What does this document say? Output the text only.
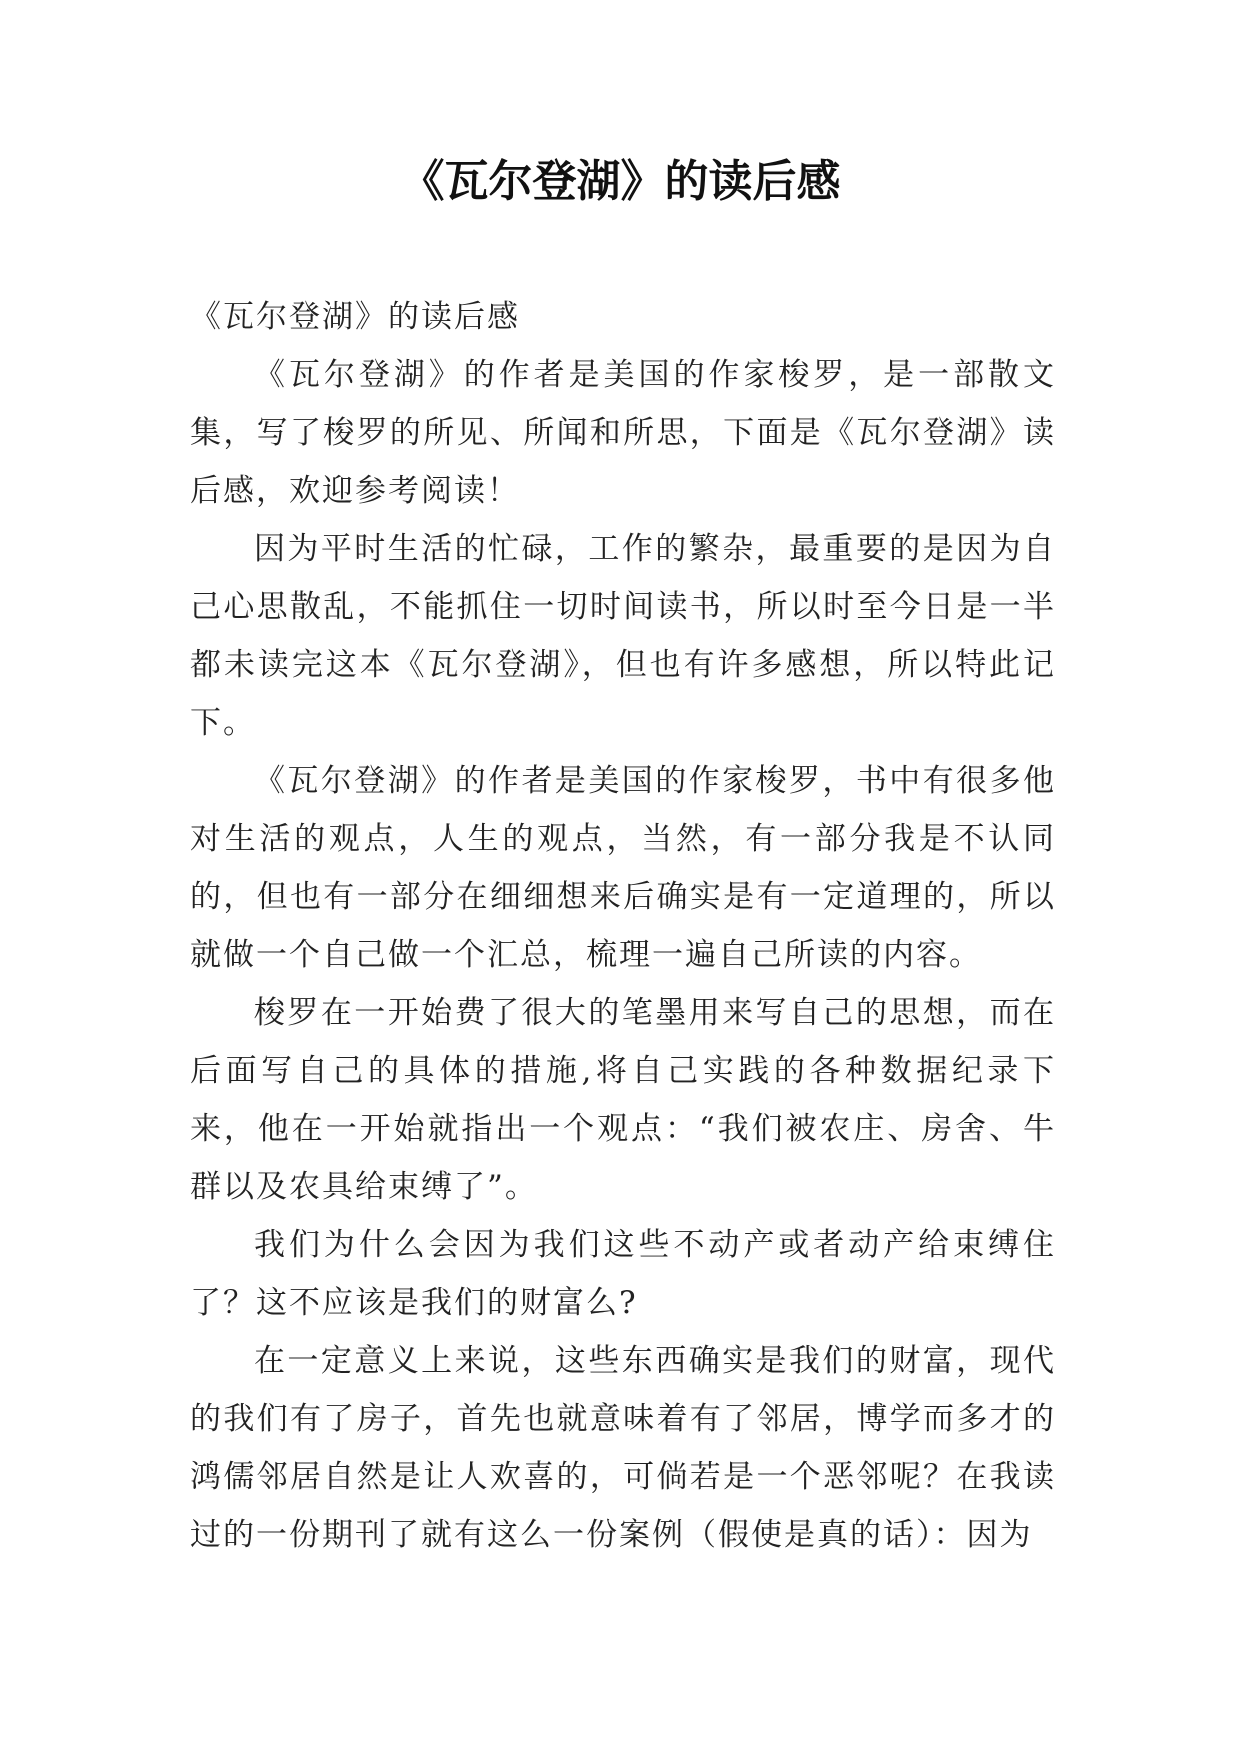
《瓦尔登湖》的读后感

《瓦尔登湖》的读后感

《瓦尔登湖》的作者是美国的作家梭罗，是一部散文集，写了梭罗的所见、所闻和所思，下面是《瓦尔登湖》读后感，欢迎参考阅读！

因为平时生活的忙碌，工作的繁杂，最重要的是因为自己心思散乱，不能抓住一切时间读书，所以时至今日是一半都未读完这本《瓦尔登湖》，但也有许多感想，所以特此记下。

《瓦尔登湖》的作者是美国的作家梭罗，书中有很多他对生活的观点，人生的观点，当然，有一部分我是不认同的，但也有一部分在细细想来后确实是有一定道理的，所以就做一个自己做一个汇总，梳理一遍自己所读的内容。

梭罗在一开始费了很大的笔墨用来写自己的思想，而在后面写自己的具体的措施,将自己实践的各种数据纪录下来，他在一开始就指出一个观点：“我们被农庄、房舍、牛群以及农具给束缚了”。

我们为什么会因为我们这些不动产或者动产给束缚住了？这不应该是我们的财富么?

在一定意义上来说，这些东西确实是我们的财富，现代的我们有了房子，首先也就意味着有了邻居，博学而多才的鸿儒邻居自然是让人欢喜的，可倘若是一个恶邻呢？在我读过的一份期刊了就有这么一份案例（假使是真的话）：因为
